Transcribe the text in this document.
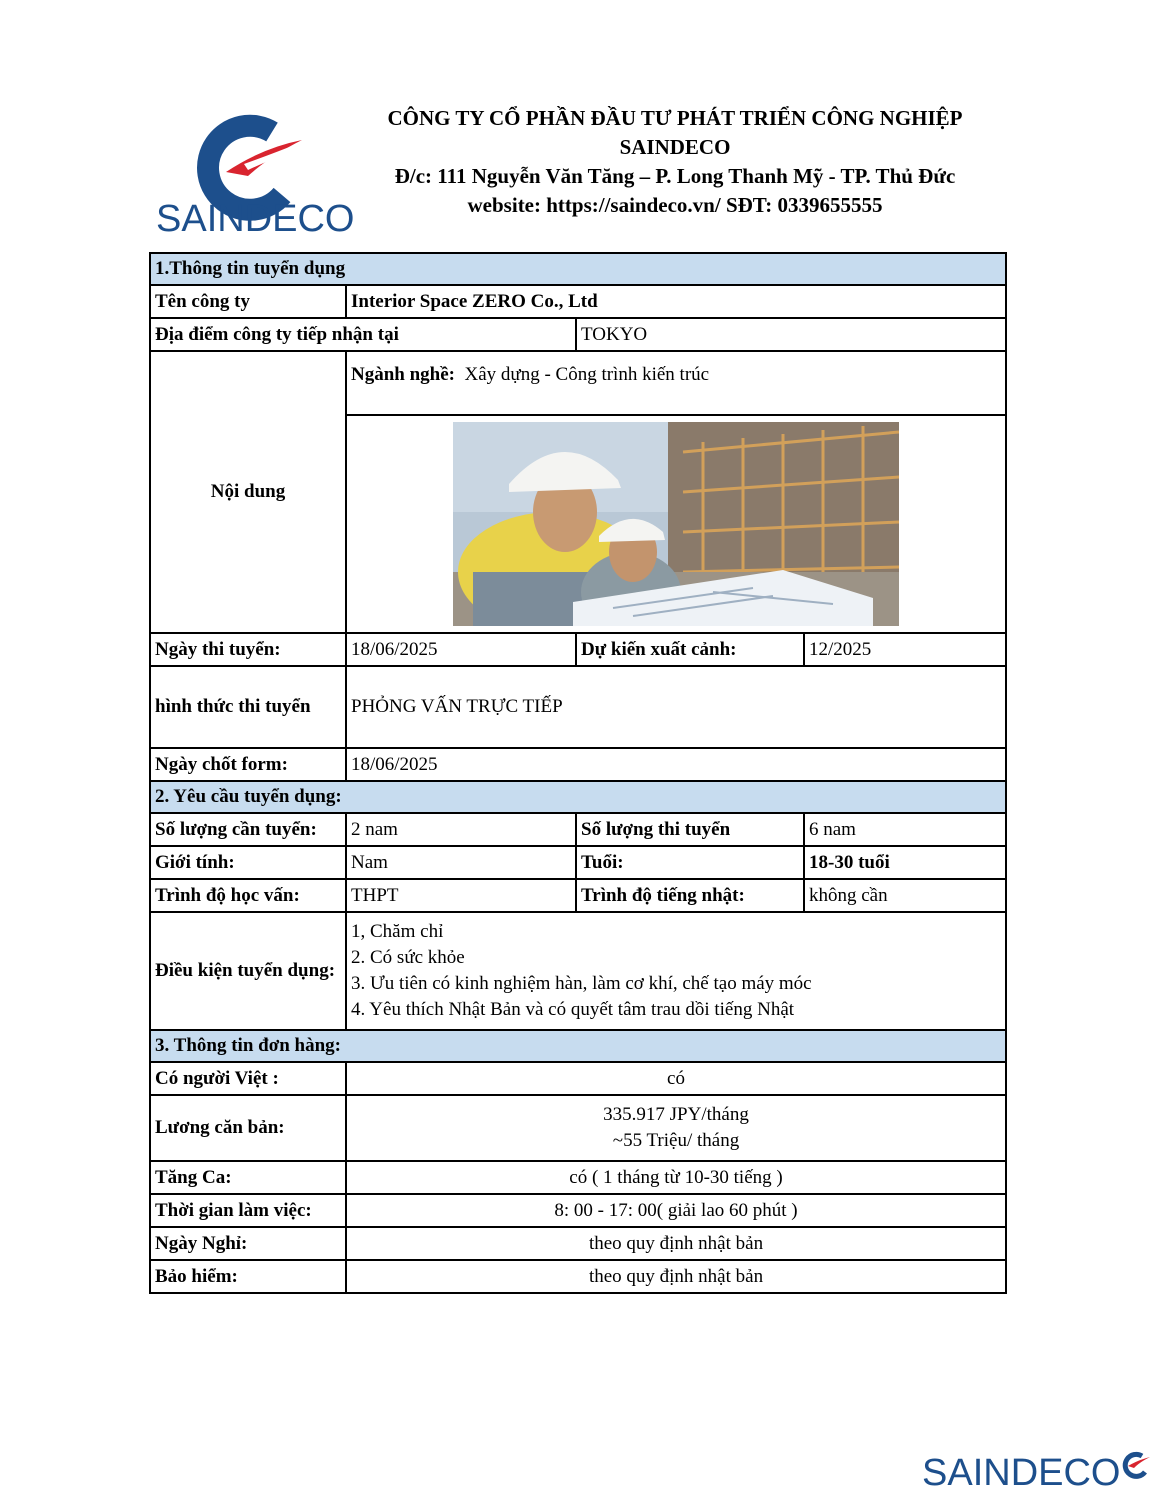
SAINDECO
CÔNG TY CỔ PHẦN ĐẦU TƯ PHÁT TRIỂN CÔNG NGHIỆP
SAINDECO
Đ/c: 111 Nguyễn Văn Tăng – P. Long Thanh Mỹ - TP. Thủ Đức
website: https://saindeco.vn/ SĐT: 0339655555
1.Thông tin tuyển dụng			
Tên công ty	Interior Space ZERO Co., Ltd		
Địa điểm công ty tiếp nhận tại		TOKYO	
Nội dung	Ngành nghề: Xây dựng - Công trình kiến trúc		

Ngày thi tuyển:	18/06/2025	Dự kiến xuất cảnh:	12/2025
hình thức thi tuyển	PHỎNG VẤN TRỰC TIẾP		
Ngày chốt form:	18/06/2025		
2. Yêu cầu tuyển dụng:			
Số lượng cần tuyển:	2 nam	Số lượng thi tuyển	6 nam
Giới tính:	Nam	Tuổi:	18-30 tuổi
Trình độ học vấn:	THPT	Trình độ tiếng nhật:	không cần
Điều kiện tuyển dụng:	1, Chăm chỉ
2. Có sức khỏe
3. Ưu tiên có kinh nghiệm hàn, làm cơ khí, chế tạo máy móc
4. Yêu thích Nhật Bản và có quyết tâm trau dồi tiếng Nhật		

3. Thông tin đơn hàng:			
Có người Việt :	có		
Lương căn bản:	335.917 JPY/tháng
~55 Triệu/ tháng		

Tăng Ca:	có ( 1 tháng từ 10-30 tiếng )		
Thời gian làm việc:	8: 00 - 17: 00( giải lao 60 phút )		
Ngày Nghỉ:	theo quy định nhật bản		
Bảo hiểm:	theo quy định nhật bản		
SAINDECO
